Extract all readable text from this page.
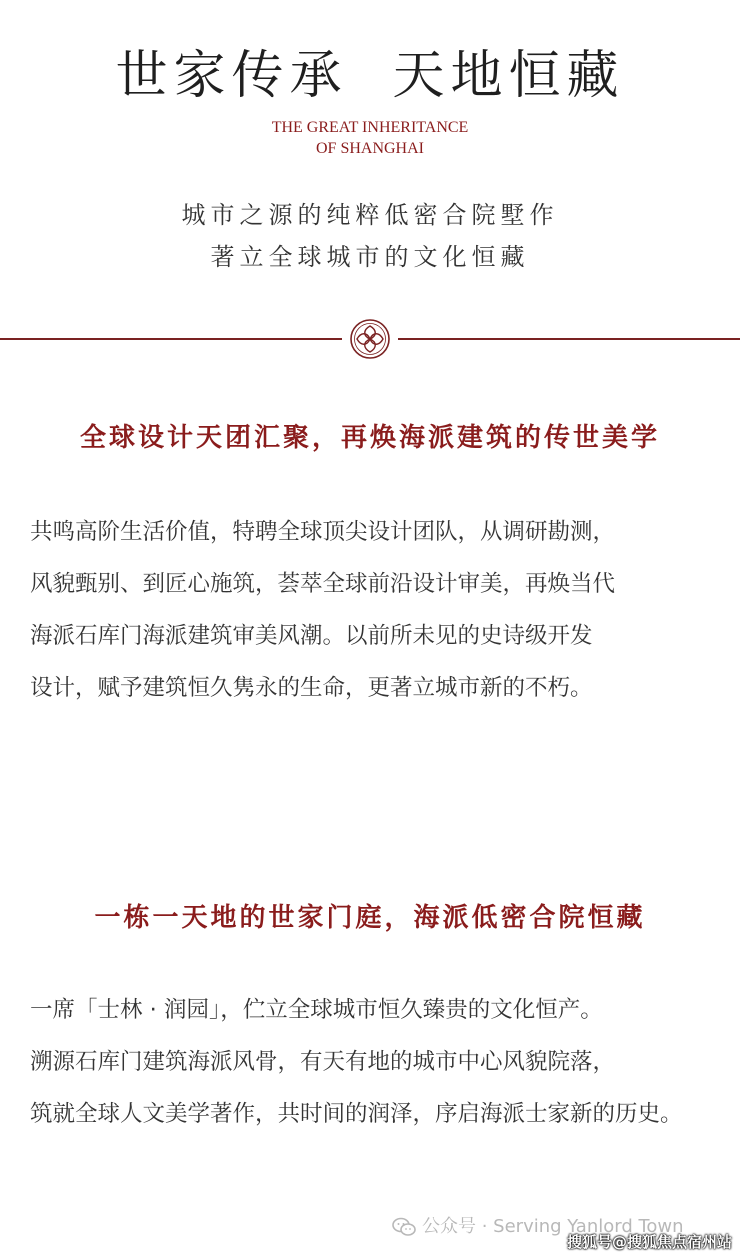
世家传承  天地恒藏
THE GREAT INHERITANCE
OF SHANGHAI
城市之源的纯粹低密合院墅作
著立全球城市的文化恒藏
全球设计天团汇聚，再焕海派建筑的传世美学
共鸣高阶生活价值，特聘全球顶尖设计团队，从调研勘测，
风貌甄别、到匠心施筑，荟萃全球前沿设计审美，再焕当代
海派石库门海派建筑审美风潮。以前所未见的史诗级开发
设计，赋予建筑恒久隽永的生命，更著立城市新的不朽。
一栋一天地的世家门庭，海派低密合院恒藏
一席「士林 · 润园」，伫立全球城市恒久臻贵的文化恒产。
溯源石库门建筑海派风骨，有天有地的城市中心风貌院落，
筑就全球人文美学著作，共时间的润泽，序启海派士家新的历史。
公众号 · Serving Yanlord Town
搜狐号@搜狐焦点宿州站
